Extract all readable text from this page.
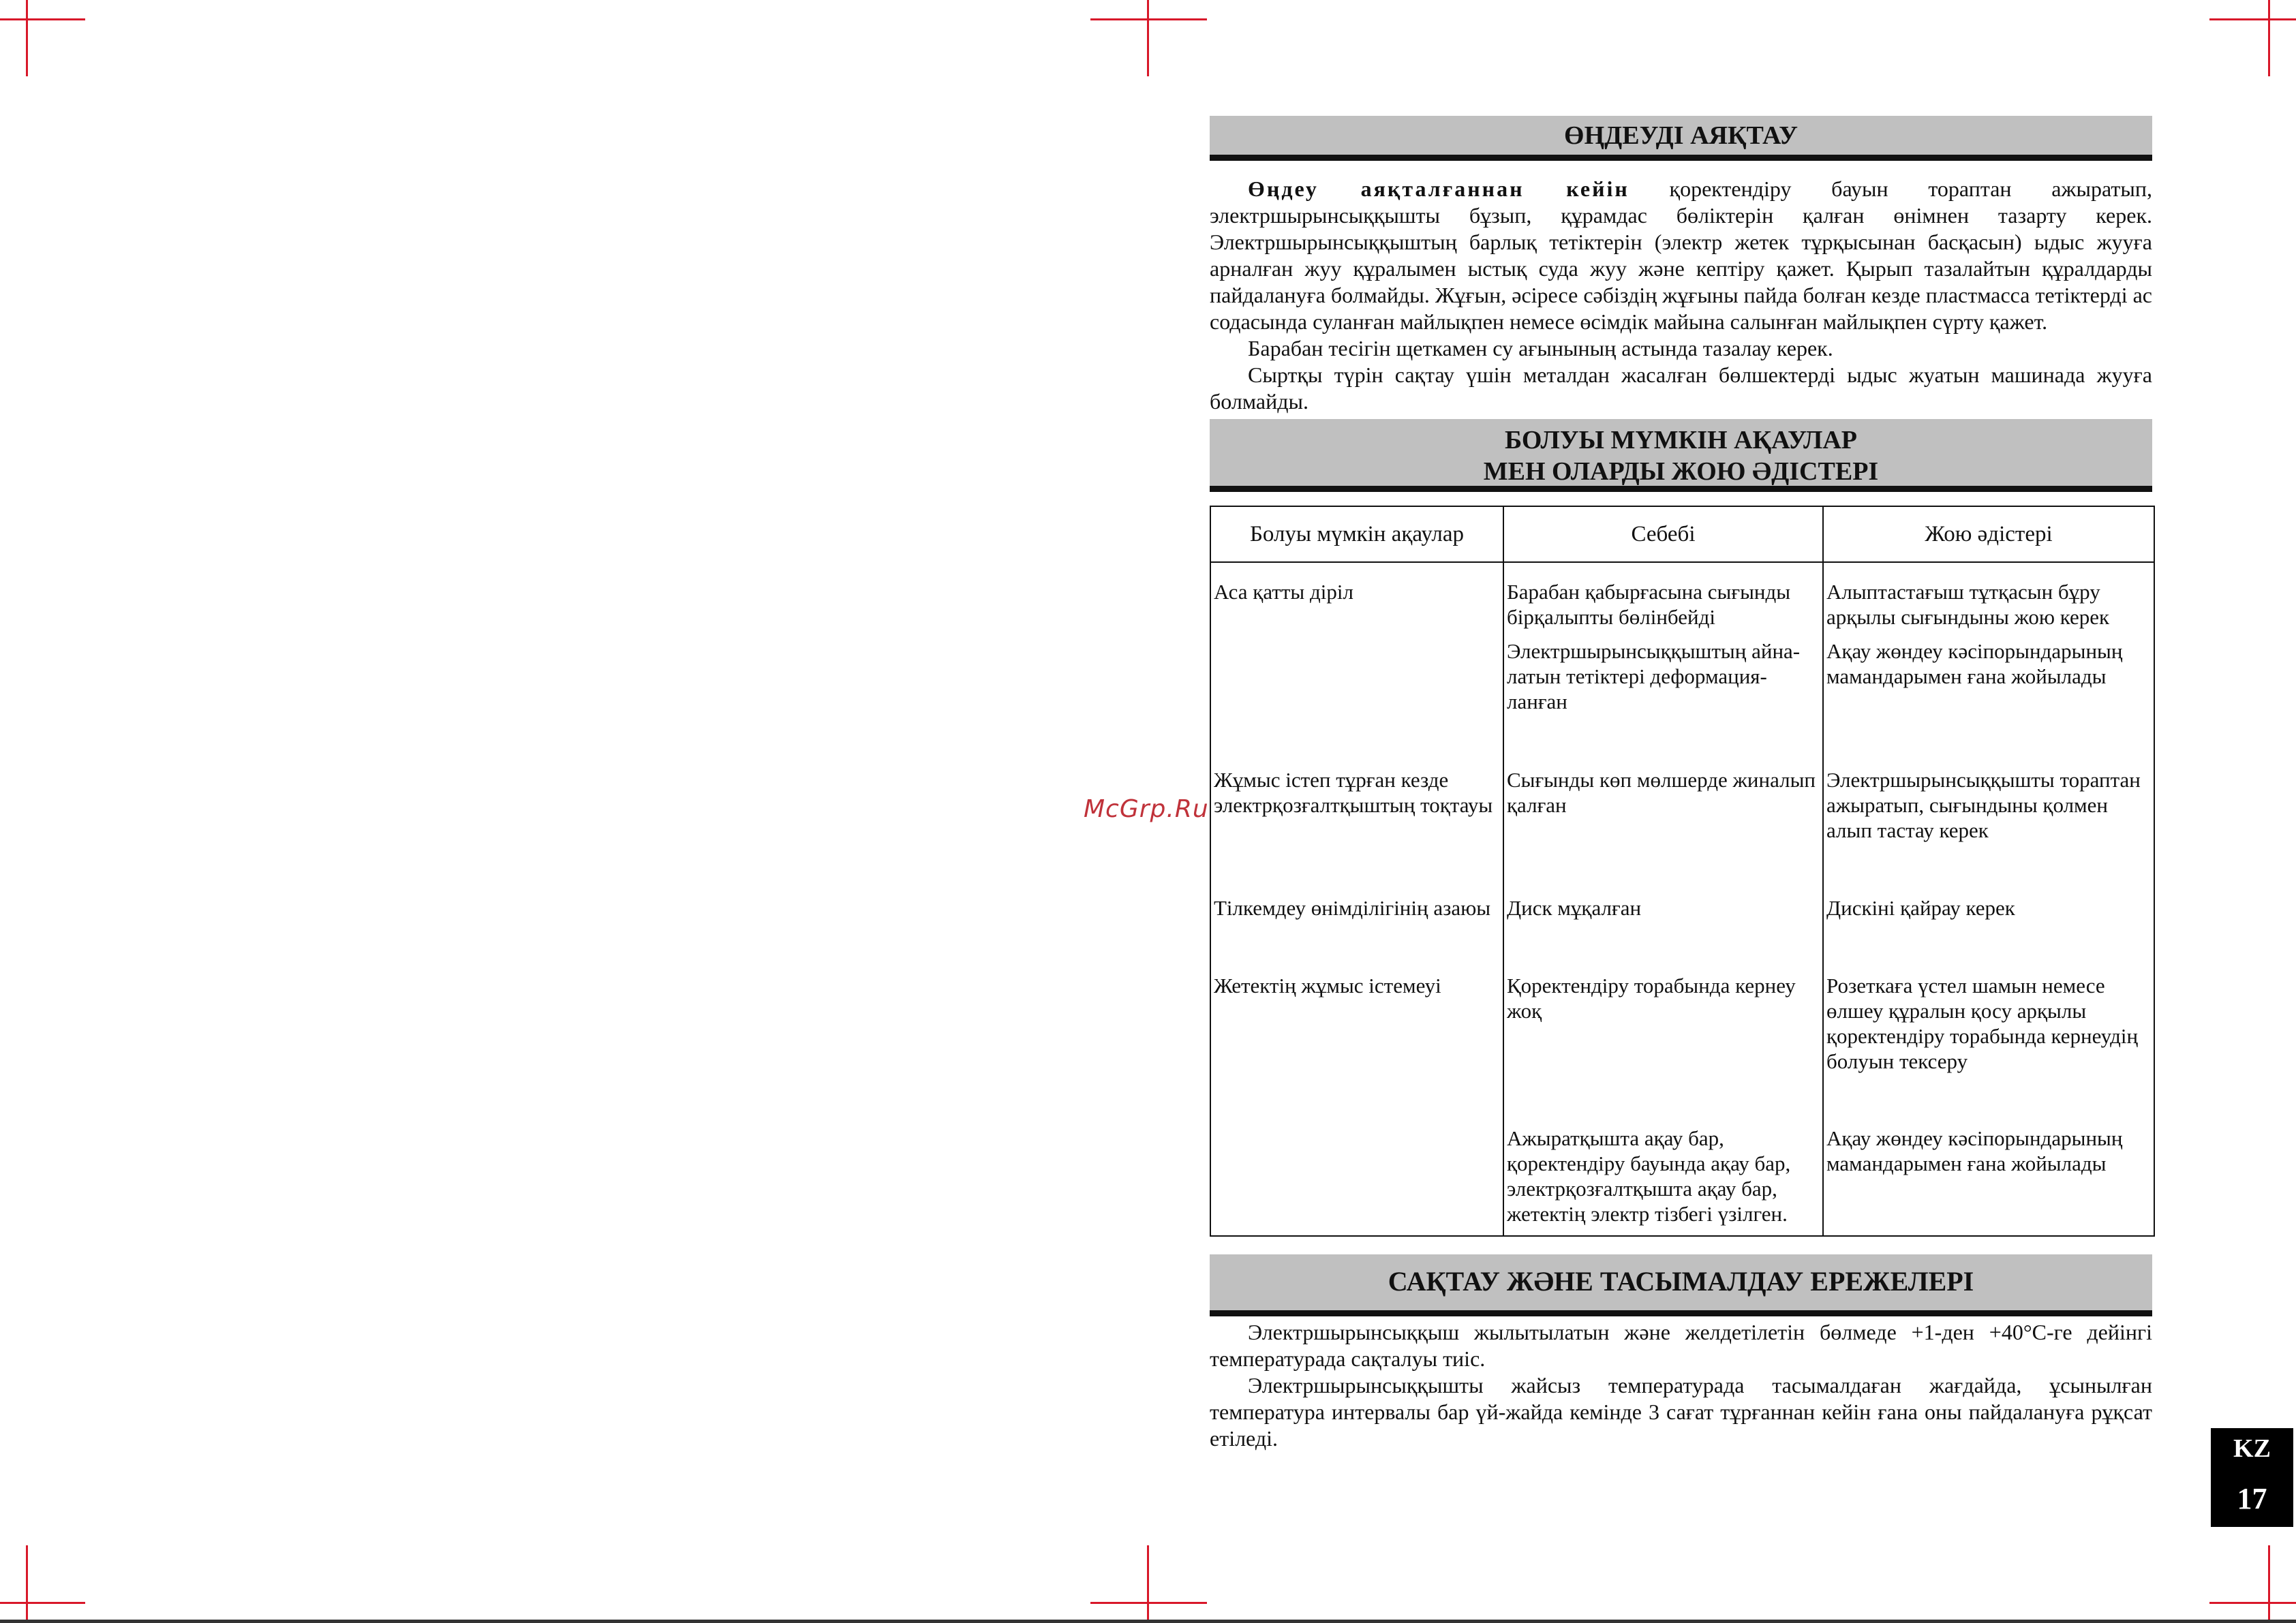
McGrp.Ru
ӨҢДЕУДІ АЯҚТАУ

Өңдеу аяқталғаннан кейін қоректендіру бауын тораптан ажыратып, электршырынсыққышты бұзып, құрамдас бөліктерін қалған өнімнен тазарту керек. Электршырынсыққыштың барлық тетіктерін (электр жетек тұрқысынан басқасын) ыдыс жууға арналған жуу құралымен ыстық суда жуу және кептіру қажет. Қырып тазалайтын құралдарды пайдалануға болмайды. Жұғын, әсіресе сәбіздің жұғыны пайда болған кезде пластмасса тетіктерді ас содасында суланған майлықпен немесе өсімдік майына салынған майлықпен сүрту қажет.

Барабан тесігін щеткамен су ағынының астында тазалау керек.

Сыртқы түрін сақтау үшін металдан жасалған бөлшектерді ыдыс жуатын машинада жууға болмайды.

БОЛУЫ МҮМКІН АҚАУЛАР
МЕН ОЛАРДЫ ЖОЮ ӘДІСТЕРІ
Болуы мүмкін ақаулар	Себебі	Жою әдістері
Аса қатты діріл	Барабан қабырғасына сығынды бірқалыпты бөлінбейді	Алыптастағыш тұтқасын бұру арқылы сығындыны жою керек
	Электршырынсыққыштың айна-латын тетіктері деформация-ланған	Ақау жөндеу кәсіпорындарының мамандарымен ғана жойылады
Жұмыс істеп тұрған кезде электрқозғалтқыштың тоқтауы	Сығынды көп мөлшерде жиналып қалған	Электршырынсыққышты тораптан ажыратып, сығындыны қолмен алып тастау керек
Тілкемдеу өнімділігінің азаюы	Диск мұқалған	Дискіні қайрау керек
Жетектің жұмыс істемеуі	Қоректендіру торабында кернеу жоқ	Розеткаға үстел шамын немесе өлшеу құралын қосу арқылы қоректендіру торабында кернеудің болуын тексеру
	Ажыратқышта ақау бар, қоректендіру бауында ақау бар, электрқозғалтқышта ақау бар, жетектің электр тізбегі үзілген.	Ақау жөндеу кәсіпорындарының мамандарымен ғана жойылады
САҚТАУ ЖӘНЕ ТАСЫМАЛДАУ ЕРЕЖЕЛЕРІ

Электршырынсыққыш жылытылатын және желдетілетін бөлмеде +1-ден +40°С-ге дейінгі температурада сақталуы тиіс.

Электршырынсыққышты жайсыз температурада тасымалдаған жағдайда, ұсынылған температура интервалы бар үй-жайда кемінде 3 сағат тұрғаннан кейін ғана оны пайдалануға рұқсат етіледі.	KZ
17
